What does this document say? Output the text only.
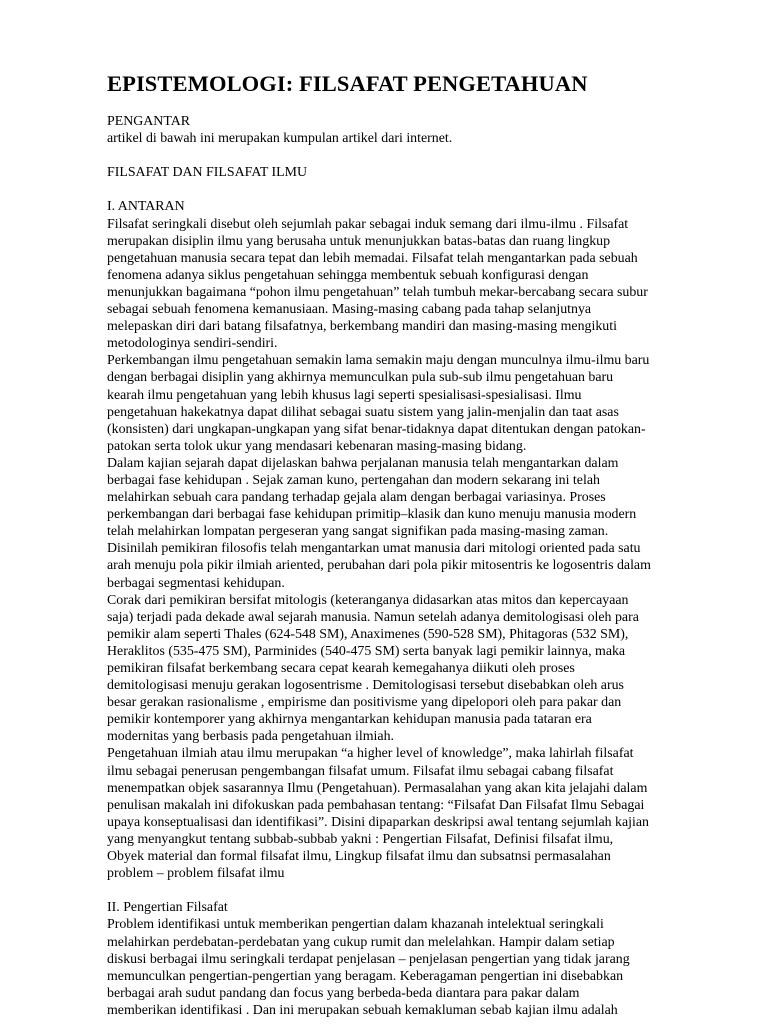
EPISTEMOLOGI: FILSAFAT PENGETAHUAN
PENGANTAR
artikel di bawah ini merupakan kumpulan artikel dari internet.
FILSAFAT DAN FILSAFAT ILMU
I. ANTARAN
Filsafat seringkali disebut oleh sejumlah pakar sebagai induk semang dari ilmu-ilmu . Filsafat
merupakan disiplin ilmu yang berusaha untuk menunjukkan batas-batas dan ruang lingkup
pengetahuan manusia secara tepat dan lebih memadai. Filsafat telah mengantarkan pada sebuah
fenomena adanya siklus pengetahuan sehingga membentuk sebuah konfigurasi dengan
menunjukkan bagaimana “pohon ilmu pengetahuan” telah tumbuh mekar-bercabang secara subur
sebagai sebuah fenomena kemanusiaan. Masing-masing cabang pada tahap selanjutnya
melepaskan diri dari batang filsafatnya, berkembang mandiri dan masing-masing mengikuti
metodologinya sendiri-sendiri.
Perkembangan ilmu pengetahuan semakin lama semakin maju dengan munculnya ilmu-ilmu baru
dengan berbagai disiplin yang akhirnya memunculkan pula sub-sub ilmu pengetahuan baru
kearah ilmu pengetahuan yang lebih khusus lagi seperti spesialisasi-spesialisasi. Ilmu
pengetahuan hakekatnya dapat dilihat sebagai suatu sistem yang jalin-menjalin dan taat asas
(konsisten) dari ungkapan-ungkapan yang sifat benar-tidaknya dapat ditentukan dengan patokan-
patokan serta tolok ukur yang mendasari kebenaran masing-masing bidang.
Dalam kajian sejarah dapat dijelaskan bahwa perjalanan manusia telah mengantarkan dalam
berbagai fase kehidupan . Sejak zaman kuno, pertengahan dan modern sekarang ini telah
melahirkan sebuah cara pandang terhadap gejala alam dengan berbagai variasinya. Proses
perkembangan dari berbagai fase kehidupan primitip–klasik dan kuno menuju manusia modern
telah melahirkan lompatan pergeseran yang sangat signifikan pada masing-masing zaman.
Disinilah pemikiran filosofis telah mengantarkan umat manusia dari mitologi oriented pada satu
arah menuju pola pikir ilmiah ariented, perubahan dari pola pikir mitosentris ke logosentris dalam
berbagai segmentasi kehidupan.
Corak dari pemikiran bersifat mitologis (keteranganya didasarkan atas mitos dan kepercayaan
saja) terjadi pada dekade awal sejarah manusia. Namun setelah adanya demitologisasi oleh para
pemikir alam seperti Thales (624-548 SM), Anaximenes (590-528 SM), Phitagoras (532 SM),
Heraklitos (535-475 SM), Parminides (540-475 SM) serta banyak lagi pemikir lainnya, maka
pemikiran filsafat berkembang secara cepat kearah kemegahanya diikuti oleh proses
demitologisasi menuju gerakan logosentrisme . Demitologisasi tersebut disebabkan oleh arus
besar gerakan rasionalisme , empirisme dan positivisme yang dipelopori oleh para pakar dan
pemikir kontemporer yang akhirnya mengantarkan kehidupan manusia pada tataran era
modernitas yang berbasis pada pengetahuan ilmiah.
Pengetahuan ilmiah atau ilmu merupakan “a higher level of knowledge”, maka lahirlah filsafat
ilmu sebagai penerusan pengembangan filsafat umum. Filsafat ilmu sebagai cabang filsafat
menempatkan objek sasarannya Ilmu (Pengetahuan). Permasalahan yang akan kita jelajahi dalam
penulisan makalah ini difokuskan pada pembahasan tentang: “Filsafat Dan Filsafat Ilmu Sebagai
upaya konseptualisasi dan identifikasi”. Disini dipaparkan deskripsi awal tentang sejumlah kajian
yang menyangkut tentang subbab-subbab yakni : Pengertian Filsafat, Definisi filsafat ilmu,
Obyek material dan formal filsafat ilmu, Lingkup filsafat ilmu dan subsatnsi permasalahan
problem – problem filsafat ilmu
II. Pengertian Filsafat
Problem identifikasi untuk memberikan pengertian dalam khazanah intelektual seringkali
melahirkan perdebatan-perdebatan yang cukup rumit dan melelahkan. Hampir dalam setiap
diskusi berbagai ilmu seringkali terdapat penjelasan – penjelasan pengertian yang tidak jarang
memunculkan pengertian-pengertian yang beragam. Keberagaman pengertian ini disebabkan
berbagai arah sudut pandang dan focus yang berbeda-beda diantara para pakar dalam
memberikan identifikasi . Dan ini merupakan sebuah kemakluman sebab kajian ilmu adalah
